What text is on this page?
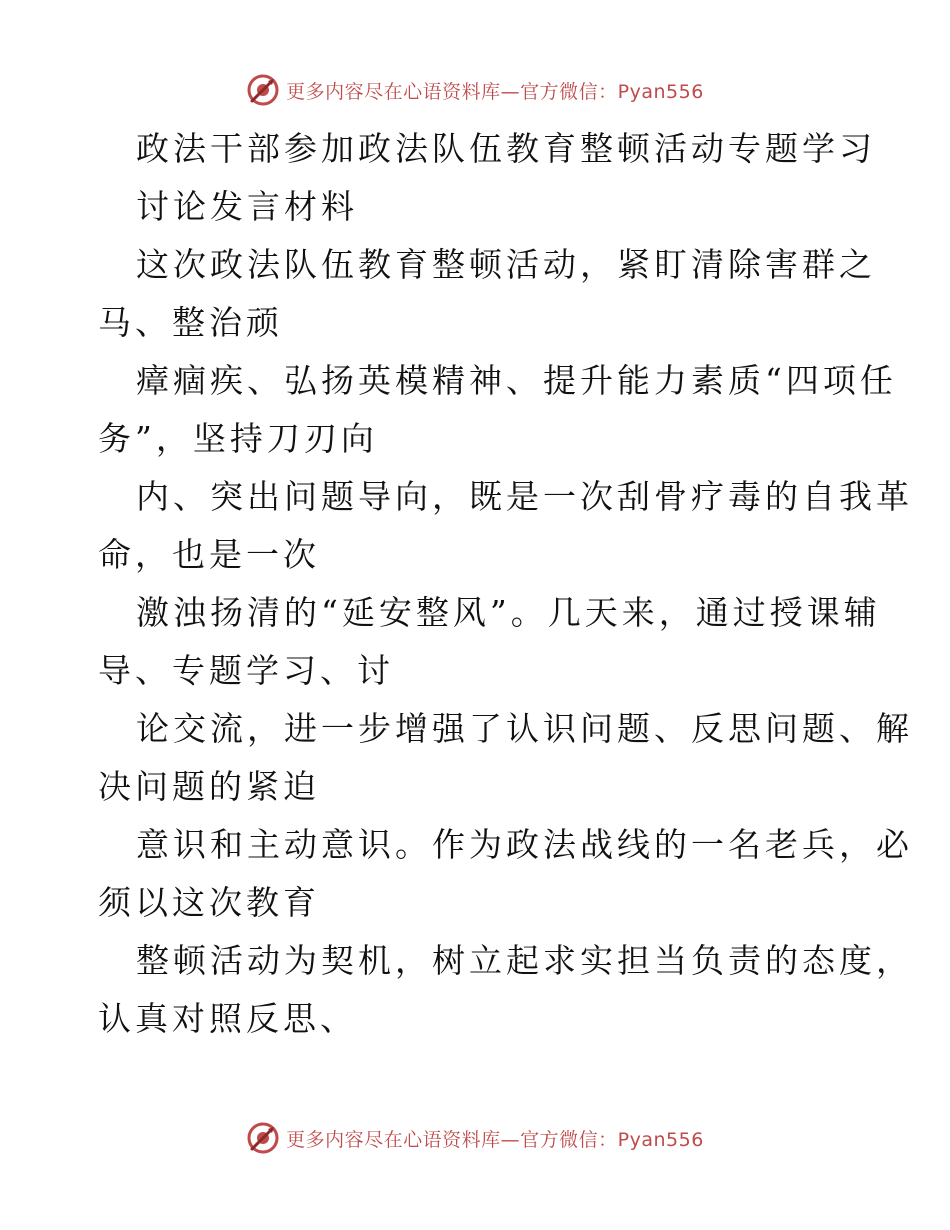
更多内容尽在心语资料库—官方微信：Pyan556

政法干部参加政法队伍教育整顿活动专题学习

讨论发言材料

这次政法队伍教育整顿活动，紧盯清除害群之

马、整治顽

瘴痼疾、弘扬英模精神、提升能力素质“四项任

务”，坚持刀刃向

内、突出问题导向，既是一次刮骨疗毒的自我革

命，也是一次

激浊扬清的“延安整风”。几天来，通过授课辅

导、专题学习、讨

论交流，进一步增强了认识问题、反思问题、解

决问题的紧迫

意识和主动意识。作为政法战线的一名老兵，必

须以这次教育

整顿活动为契机，树立起求实担当负责的态度，

认真对照反思、

更多内容尽在心语资料库—官方微信：Pyan556
